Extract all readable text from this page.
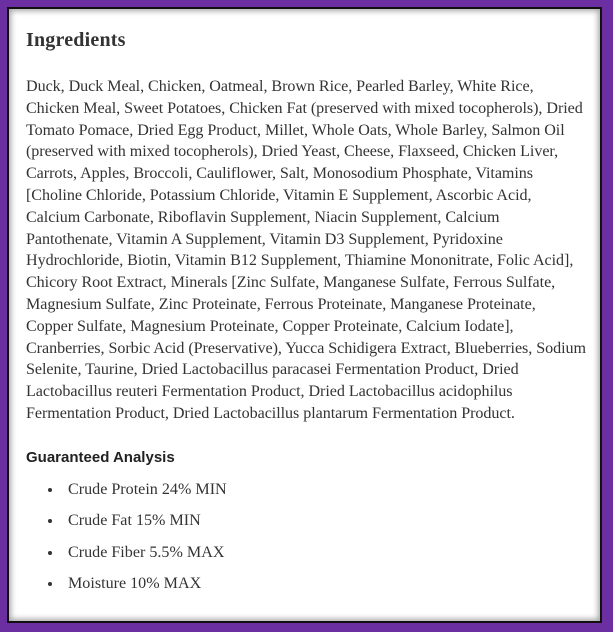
Ingredients

Duck, Duck Meal, Chicken, Oatmeal, Brown Rice, Pearled Barley, White Rice, Chicken Meal, Sweet Potatoes, Chicken Fat (preserved with mixed tocopherols), Dried Tomato Pomace, Dried Egg Product, Millet, Whole Oats, Whole Barley, Salmon Oil (preserved with mixed tocopherols), Dried Yeast, Cheese, Flaxseed, Chicken Liver, Carrots, Apples, Broccoli, Cauliflower, Salt, Monosodium Phosphate, Vitamins [Choline Chloride, Potassium Chloride, Vitamin E Supplement, Ascorbic Acid, Calcium Carbonate, Riboflavin Supplement, Niacin Supplement, Calcium Pantothenate, Vitamin A Supplement, Vitamin D3 Supplement, Pyridoxine Hydrochloride, Biotin, Vitamin B12 Supplement, Thiamine Mononitrate, Folic Acid], Chicory Root Extract, Minerals [Zinc Sulfate, Manganese Sulfate, Ferrous Sulfate, Magnesium Sulfate, Zinc Proteinate, Ferrous Proteinate, Manganese Proteinate, Copper Sulfate, Magnesium Proteinate, Copper Proteinate, Calcium Iodate], Cranberries, Sorbic Acid (Preservative), Yucca Schidigera Extract, Blueberries, Sodium Selenite, Taurine, Dried Lactobacillus paracasei Fermentation Product, Dried Lactobacillus reuteri Fermentation Product, Dried Lactobacillus acidophilus Fermentation Product, Dried Lactobacillus plantarum Fermentation Product.

Guaranteed Analysis
Crude Protein 24% MIN
Crude Fat 15% MIN
Crude Fiber 5.5% MAX
Moisture 10% MAX
